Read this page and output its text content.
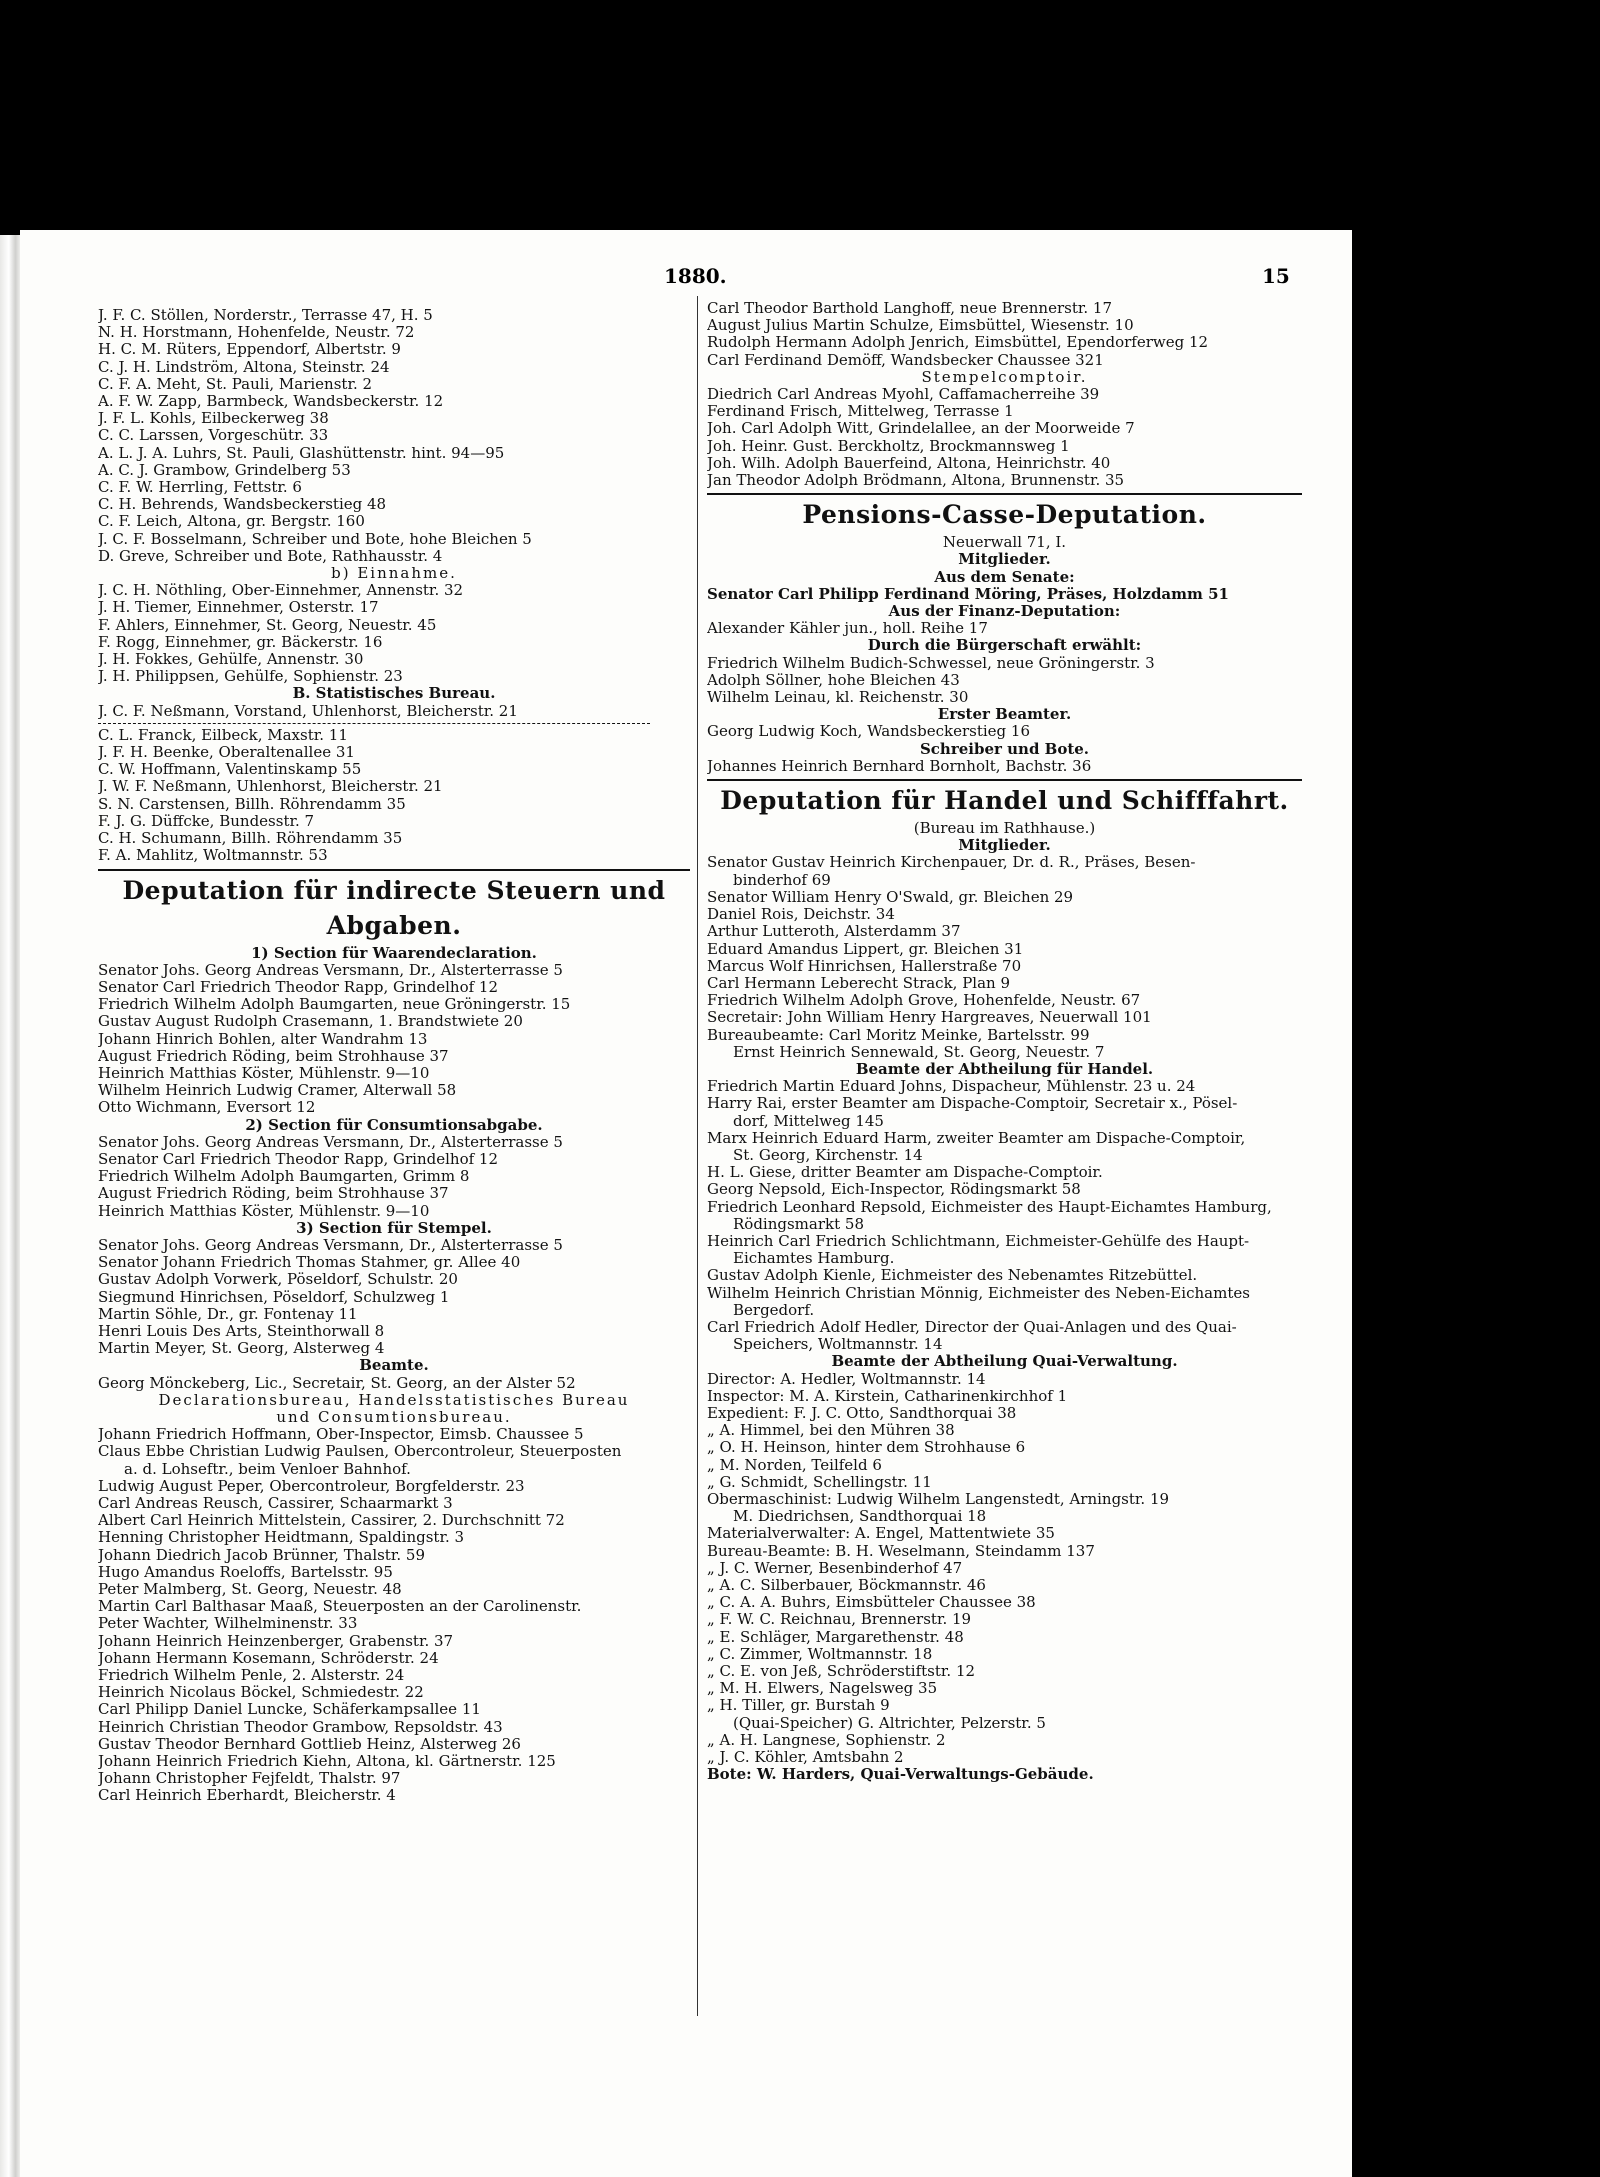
1880.	15
J. F. C. Stöllen, Norderstr., Terrasse 47, H. 5
N. H. Horstmann, Hohenfelde, Neustr. 72
H. C. M. Rüters, Eppendorf, Albertstr. 9
C. J. H. Lindström, Altona, Steinstr. 24
C. F. A. Meht, St. Pauli, Marienstr. 2
A. F. W. Zapp, Barmbeck, Wandsbeckerstr. 12
J. F. L. Kohls, Eilbeckerweg 38
C. C. Larssen, Vorgeschütr. 33
A. L. J. A. Luhrs, St. Pauli, Glashüttenstr. hint. 94—95
A. C. J. Grambow, Grindelberg 53
C. F. W. Herrling, Fettstr. 6
C. H. Behrends, Wandsbeckerstieg 48
C. F. Leich, Altona, gr. Bergstr. 160
J. C. F. Bosselmann, Schreiber und Bote, hohe Bleichen 5
D. Greve, Schreiber und Bote, Rathhausstr. 4
b) Einnahme.
J. C. H. Nöthling, Ober-Einnehmer, Annenstr. 32
J. H. Tiemer, Einnehmer, Osterstr. 17
F. Ahlers, Einnehmer, St. Georg, Neuestr. 45
F. Rogg, Einnehmer, gr. Bäckerstr. 16
J. H. Fokkes, Gehülfe, Annenstr. 30
J. H. Philippsen, Gehülfe, Sophienstr. 23
B. Statistisches Bureau.
J. C. F. Neßmann, Vorstand, Uhlenhorst, Bleicherstr. 21
C. L. Franck, Eilbeck, Maxstr. 11
J. F. H. Beenke, Oberaltenallee 31
C. W. Hoffmann, Valentinskamp 55
J. W. F. Neßmann, Uhlenhorst, Bleicherstr. 21
S. N. Carstensen, Billh. Röhrendamm 35
F. J. G. Düffcke, Bundesstr. 7
C. H. Schumann, Billh. Röhrendamm 35
F. A. Mahlitz, Woltmannstr. 53
Deputation für indirecte Steuern und
Abgaben.
1) Section für Waarendeclaration.
Senator Johs. Georg Andreas Versmann, Dr., Alsterterrasse 5
Senator Carl Friedrich Theodor Rapp, Grindelhof 12
Friedrich Wilhelm Adolph Baumgarten, neue Gröningerstr. 15
Gustav August Rudolph Crasemann, 1. Brandstwiete 20
Johann Hinrich Bohlen, alter Wandrahm 13
August Friedrich Röding, beim Strohhause 37
Heinrich Matthias Köster, Mühlenstr. 9—10
Wilhelm Heinrich Ludwig Cramer, Alterwall 58
Otto Wichmann, Eversort 12
2) Section für Consumtionsabgabe.
Senator Johs. Georg Andreas Versmann, Dr., Alsterterrasse 5
Senator Carl Friedrich Theodor Rapp, Grindelhof 12
Friedrich Wilhelm Adolph Baumgarten, Grimm 8
August Friedrich Röding, beim Strohhause 37
Heinrich Matthias Köster, Mühlenstr. 9—10
3) Section für Stempel.
Senator Johs. Georg Andreas Versmann, Dr., Alsterterrasse 5
Senator Johann Friedrich Thomas Stahmer, gr. Allee 40
Gustav Adolph Vorwerk, Pöseldorf, Schulstr. 20
Siegmund Hinrichsen, Pöseldorf, Schulzweg 1
Martin Söhle, Dr., gr. Fontenay 11
Henri Louis Des Arts, Steinthorwall 8
Martin Meyer, St. Georg, Alsterweg 4
Beamte.
Georg Mönckeberg, Lic., Secretair, St. Georg, an der Alster 52
Declarationsbureau, Handelsstatistisches Bureau
und Consumtionsbureau.
Johann Friedrich Hoffmann, Ober-Inspector, Eimsb. Chaussee 5
Claus Ebbe Christian Ludwig Paulsen, Obercontroleur, Steuerposten
a. d. Lohseftr., beim Venloer Bahnhof.
Ludwig August Peper, Obercontroleur, Borgfelderstr. 23
Carl Andreas Reusch, Cassirer, Schaarmarkt 3
Albert Carl Heinrich Mittelstein, Cassirer, 2. Durchschnitt 72
Henning Christopher Heidtmann, Spaldingstr. 3
Johann Diedrich Jacob Brünner, Thalstr. 59
Hugo Amandus Roeloffs, Bartelsstr. 95
Peter Malmberg, St. Georg, Neuestr. 48
Martin Carl Balthasar Maaß, Steuerposten an der Carolinenstr.
Peter Wachter, Wilhelminenstr. 33
Johann Heinrich Heinzenberger, Grabenstr. 37
Johann Hermann Kosemann, Schröderstr. 24
Friedrich Wilhelm Penle, 2. Alsterstr. 24
Heinrich Nicolaus Böckel, Schmiedestr. 22
Carl Philipp Daniel Luncke, Schäferkampsallee 11
Heinrich Christian Theodor Grambow, Repsoldstr. 43
Gustav Theodor Bernhard Gottlieb Heinz, Alsterweg 26
Johann Heinrich Friedrich Kiehn, Altona, kl. Gärtnerstr. 125
Johann Christopher Fejfeldt, Thalstr. 97
Carl Heinrich Eberhardt, Bleicherstr. 4
Carl Theodor Barthold Langhoff, neue Brennerstr. 17
August Julius Martin Schulze, Eimsbüttel, Wiesenstr. 10
Rudolph Hermann Adolph Jenrich, Eimsbüttel, Ependorferweg 12
Carl Ferdinand Demöff, Wandsbecker Chaussee 321
Stempelcomptoir.
Diedrich Carl Andreas Myohl, Caffamacherreihe 39
Ferdinand Frisch, Mittelweg, Terrasse 1
Joh. Carl Adolph Witt, Grindelallee, an der Moorweide 7
Joh. Heinr. Gust. Berckholtz, Brockmannsweg 1
Joh. Wilh. Adolph Bauerfeind, Altona, Heinrichstr. 40
Jan Theodor Adolph Brödmann, Altona, Brunnenstr. 35
Pensions-Casse-Deputation.
Neuerwall 71, I.
Mitglieder.
Aus dem Senate:
Senator Carl Philipp Ferdinand Möring, Präses, Holzdamm 51
Aus der Finanz-Deputation:
Alexander Kähler jun., holl. Reihe 17
Durch die Bürgerschaft erwählt:
Friedrich Wilhelm Budich-Schwessel, neue Gröningerstr. 3
Adolph Söllner, hohe Bleichen 43
Wilhelm Leinau, kl. Reichenstr. 30
Erster Beamter.
Georg Ludwig Koch, Wandsbeckerstieg 16
Schreiber und Bote.
Johannes Heinrich Bernhard Bornholt, Bachstr. 36
Deputation für Handel und Schifffahrt.
(Bureau im Rathhause.)
Mitglieder.
Senator Gustav Heinrich Kirchenpauer, Dr. d. R., Präses, Besen-
binderhof 69
Senator William Henry O'Swald, gr. Bleichen 29
Daniel Rois, Deichstr. 34
Arthur Lutteroth, Alsterdamm 37
Eduard Amandus Lippert, gr. Bleichen 31
Marcus Wolf Hinrichsen, Hallerstraße 70
Carl Hermann Leberecht Strack, Plan 9
Friedrich Wilhelm Adolph Grove, Hohenfelde, Neustr. 67
Secretair: John William Henry Hargreaves, Neuerwall 101
Bureaubeamte: Carl Moritz Meinke, Bartelsstr. 99
Ernst Heinrich Sennewald, St. Georg, Neuestr. 7
Beamte der Abtheilung für Handel.
Friedrich Martin Eduard Johns, Dispacheur, Mühlenstr. 23 u. 24
Harry Rai, erster Beamter am Dispache-Comptoir, Secretair x., Pösel-
dorf, Mittelweg 145
Marx Heinrich Eduard Harm, zweiter Beamter am Dispache-Comptoir,
St. Georg, Kirchenstr. 14
H. L. Giese, dritter Beamter am Dispache-Comptoir.
Georg Nepsold, Eich-Inspector, Rödingsmarkt 58
Friedrich Leonhard Repsold, Eichmeister des Haupt-Eichamtes Hamburg,
Rödingsmarkt 58
Heinrich Carl Friedrich Schlichtmann, Eichmeister-Gehülfe des Haupt-
Eichamtes Hamburg.
Gustav Adolph Kienle, Eichmeister des Nebenamtes Ritzebüttel.
Wilhelm Heinrich Christian Mönnig, Eichmeister des Neben-Eichamtes
Bergedorf.
Carl Friedrich Adolf Hedler, Director der Quai-Anlagen und des Quai-
Speichers, Woltmannstr. 14
Beamte der Abtheilung Quai-Verwaltung.
Director: A. Hedler, Woltmannstr. 14
Inspector: M. A. Kirstein, Catharinenkirchhof 1
Expedient: F. J. C. Otto, Sandthorquai 38
„ A. Himmel, bei den Mühren 38
„ O. H. Heinson, hinter dem Strohhause 6
„ M. Norden, Teilfeld 6
„ G. Schmidt, Schellingstr. 11
Obermaschinist: Ludwig Wilhelm Langenstedt, Arningstr. 19
M. Diedrichsen, Sandthorquai 18
Materialverwalter: A. Engel, Mattentwiete 35
Bureau-Beamte: B. H. Weselmann, Steindamm 137
„ J. C. Werner, Besenbinderhof 47
„ A. C. Silberbauer, Böckmannstr. 46
„ C. A. A. Buhrs, Eimsbütteler Chaussee 38
„ F. W. C. Reichnau, Brennerstr. 19
„ E. Schläger, Margarethenstr. 48
„ C. Zimmer, Woltmannstr. 18
„ C. E. von Jeß, Schröderstiftstr. 12
„ M. H. Elwers, Nagelsweg 35
„ H. Tiller, gr. Burstah 9
(Quai-Speicher) G. Altrichter, Pelzerstr. 5
„ A. H. Langnese, Sophienstr. 2
„ J. C. Köhler, Amtsbahn 2
Bote: W. Harders, Quai-Verwaltungs-Gebäude.
